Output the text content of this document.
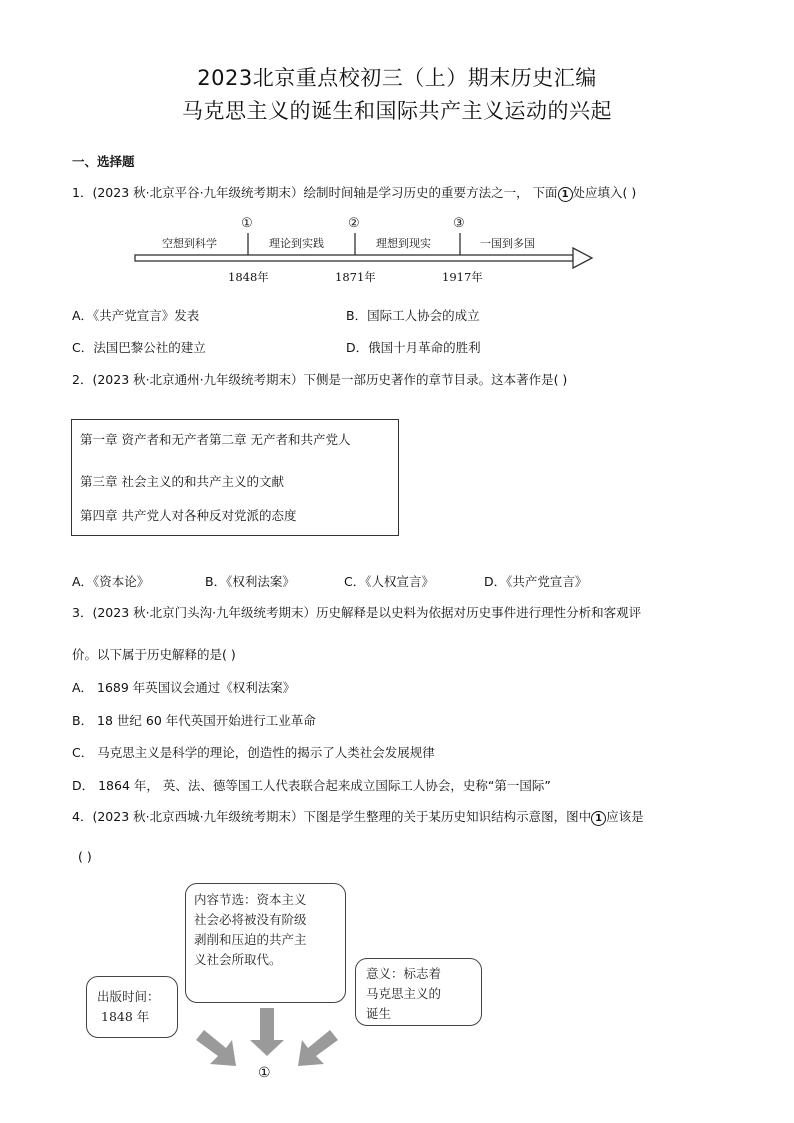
2023北京重点校初三（上）期末历史汇编
马克思主义的诞生和国际共产主义运动的兴起
一、选择题
1．(2023 秋·北京平谷·九年级统考期末）绘制时间轴是学习历史的重要方法之一， 下面 1 处应填入( )
空想到科学	理论到实践	理想到现实	一国到多国
①	②	③
1848年	1871年	1917年
A．《共产党宣言》发表	B．国际工人协会的成立
C．法国巴黎公社的建立	D．俄国十月革命的胜利
2．(2023 秋·北京通州·九年级统考期末）下侧是一部历史著作的章节目录。这本著作是( )
第一章 资产者和无产者第二章 无产者和共产党人
第三章 社会主义的和共产主义的文献
第四章 共产党人对各种反对党派的态度
A．《资本论》	B．《权利法案》	C．《人权宣言》	D．《共产党宣言》
3．(2023 秋·北京门头沟·九年级统考期末）历史解释是以史料为依据对历史事件进行理性分析和客观评
价。以下属于历史解释的是( )
A． 1689 年英国议会通过《权利法案》
B． 18 世纪 60 年代英国开始进行工业革命
C． 马克思主义是科学的理论，创造性的揭示了人类社会发展规律
D． 1864 年， 英、法、德等国工人代表联合起来成立国际工人协会，史称“第一国际”
4．(2023 秋·北京西城·九年级统考期末）下图是学生整理的关于某历史知识结构示意图，图中 1 应该是
( )
内容节选：资本主义
社会必将被没有阶级
剥削和压迫的共产主
义社会所取代。
出版时间：
1848 年
意义：标志着
马克思主义的
诞生
①
